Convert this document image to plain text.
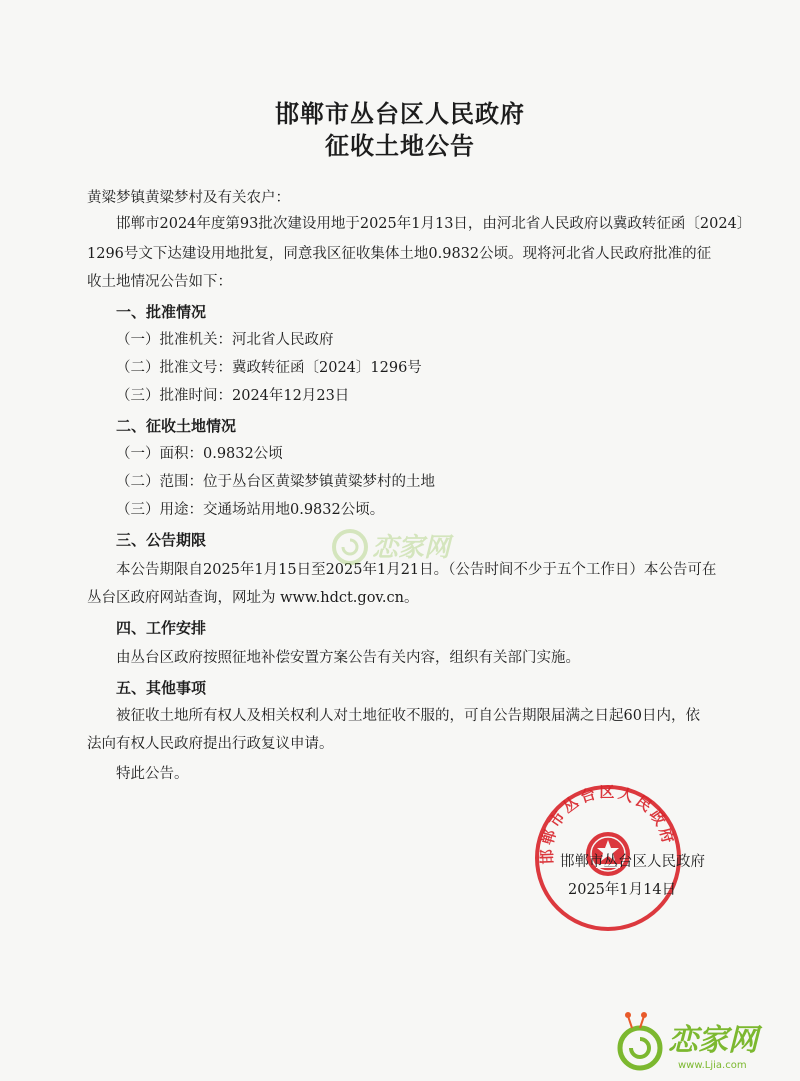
邯郸市丛台区人民政府
征收土地公告
黄粱梦镇黄粱梦村及有关农户：
邯郸市2024年度第93批次建设用地于2025年1月13日，由河北省人民政府以冀政转征函〔2024〕
1296号文下达建设用地批复，同意我区征收集体土地0.9832公顷。现将河北省人民政府批准的征
收土地情况公告如下：
一、批准情况
（一）批准机关：河北省人民政府
（二）批准文号：冀政转征函〔2024〕1296号
（三）批准时间：2024年12月23日
二、征收土地情况
（一）面积：0.9832公顷
（二）范围：位于丛台区黄粱梦镇黄粱梦村的土地
（三）用途：交通场站用地0.9832公顷。
三、公告期限
本公告期限自2025年1月15日至2025年1月21日。（公告时间不少于五个工作日）本公告可在
丛台区政府网站查询，网址为 www.hdct.gov.cn。
四、工作安排
由丛台区政府按照征地补偿安置方案公告有关内容，组织有关部门实施。
五、其他事项
被征收土地所有权人及相关权利人对土地征收不服的，可自公告期限届满之日起60日内，依
法向有权人民政府提出行政复议申请。
特此公告。
恋家网
邯郸市丛台区人民政府
邯郸市丛台区人民政府
2025年1月14日
恋家网
www.Ljia.com
